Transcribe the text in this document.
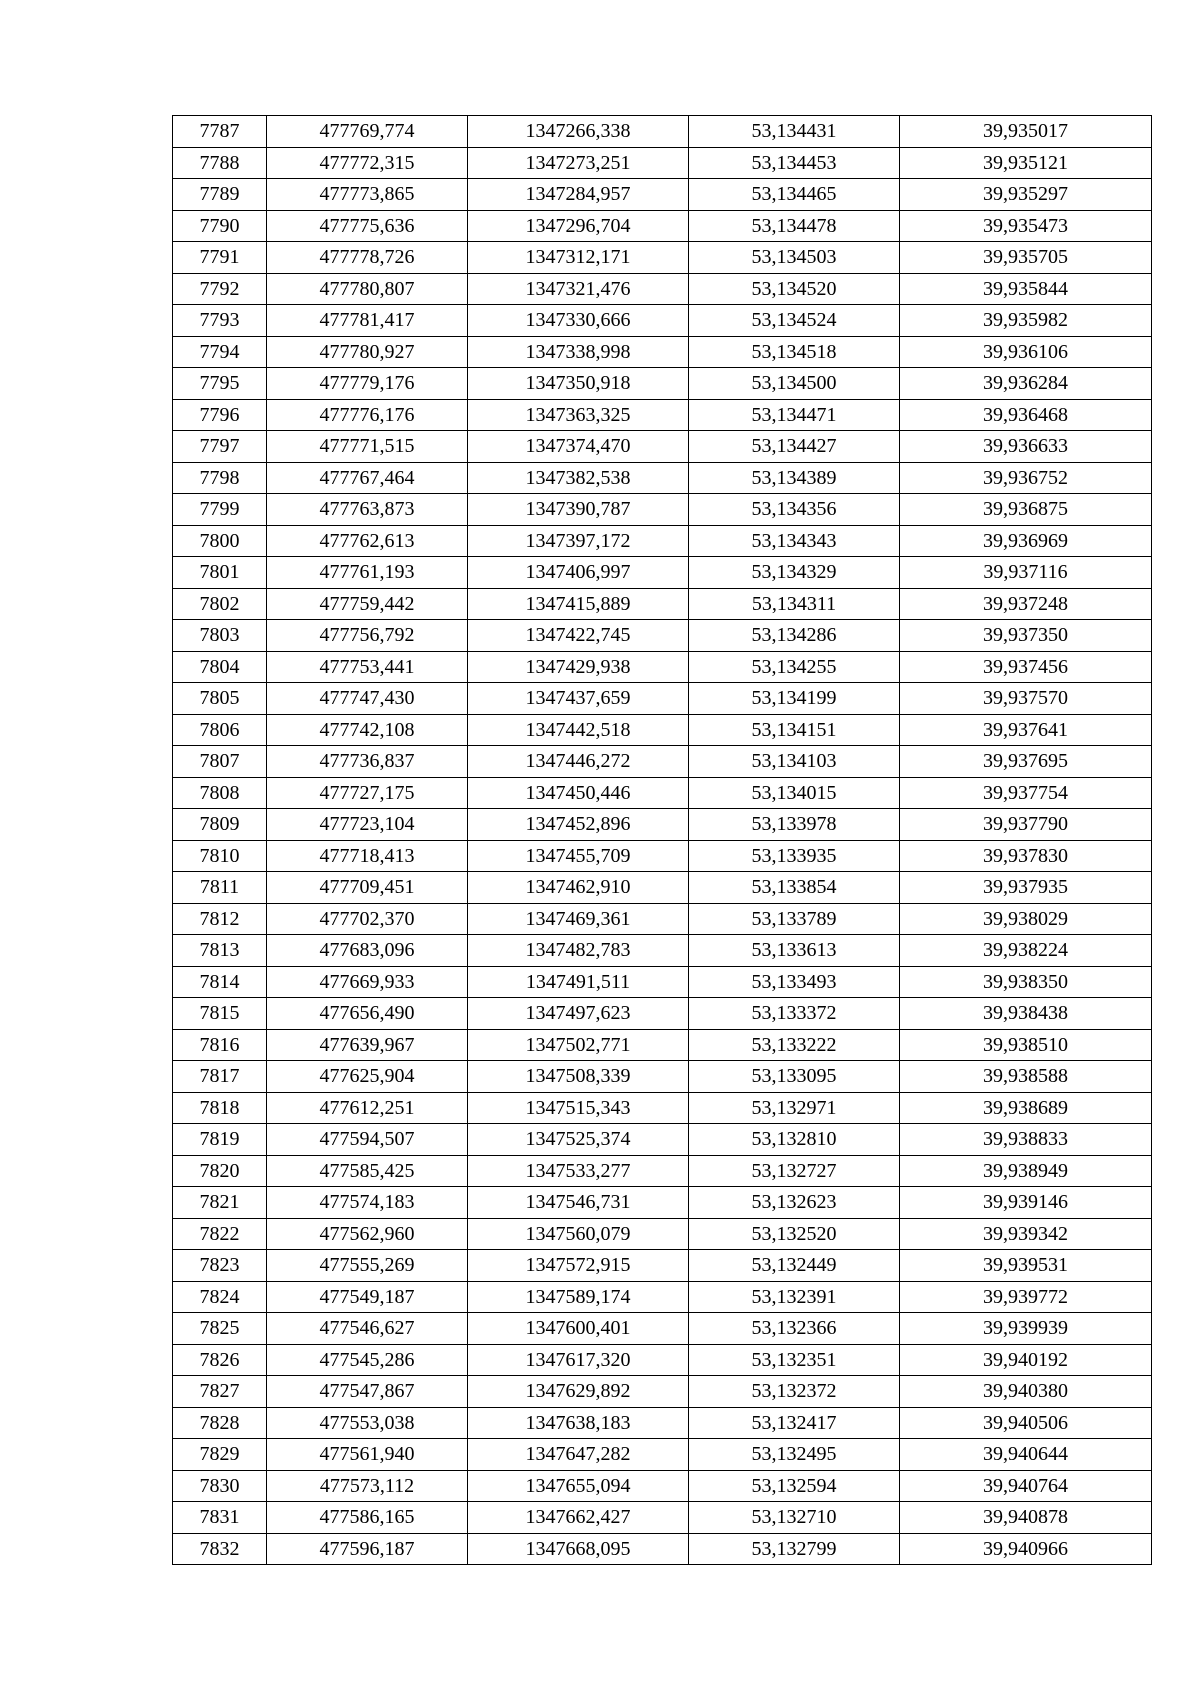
7787	477769,774	1347266,338	53,134431	39,935017
7788	477772,315	1347273,251	53,134453	39,935121
7789	477773,865	1347284,957	53,134465	39,935297
7790	477775,636	1347296,704	53,134478	39,935473
7791	477778,726	1347312,171	53,134503	39,935705
7792	477780,807	1347321,476	53,134520	39,935844
7793	477781,417	1347330,666	53,134524	39,935982
7794	477780,927	1347338,998	53,134518	39,936106
7795	477779,176	1347350,918	53,134500	39,936284
7796	477776,176	1347363,325	53,134471	39,936468
7797	477771,515	1347374,470	53,134427	39,936633
7798	477767,464	1347382,538	53,134389	39,936752
7799	477763,873	1347390,787	53,134356	39,936875
7800	477762,613	1347397,172	53,134343	39,936969
7801	477761,193	1347406,997	53,134329	39,937116
7802	477759,442	1347415,889	53,134311	39,937248
7803	477756,792	1347422,745	53,134286	39,937350
7804	477753,441	1347429,938	53,134255	39,937456
7805	477747,430	1347437,659	53,134199	39,937570
7806	477742,108	1347442,518	53,134151	39,937641
7807	477736,837	1347446,272	53,134103	39,937695
7808	477727,175	1347450,446	53,134015	39,937754
7809	477723,104	1347452,896	53,133978	39,937790
7810	477718,413	1347455,709	53,133935	39,937830
7811	477709,451	1347462,910	53,133854	39,937935
7812	477702,370	1347469,361	53,133789	39,938029
7813	477683,096	1347482,783	53,133613	39,938224
7814	477669,933	1347491,511	53,133493	39,938350
7815	477656,490	1347497,623	53,133372	39,938438
7816	477639,967	1347502,771	53,133222	39,938510
7817	477625,904	1347508,339	53,133095	39,938588
7818	477612,251	1347515,343	53,132971	39,938689
7819	477594,507	1347525,374	53,132810	39,938833
7820	477585,425	1347533,277	53,132727	39,938949
7821	477574,183	1347546,731	53,132623	39,939146
7822	477562,960	1347560,079	53,132520	39,939342
7823	477555,269	1347572,915	53,132449	39,939531
7824	477549,187	1347589,174	53,132391	39,939772
7825	477546,627	1347600,401	53,132366	39,939939
7826	477545,286	1347617,320	53,132351	39,940192
7827	477547,867	1347629,892	53,132372	39,940380
7828	477553,038	1347638,183	53,132417	39,940506
7829	477561,940	1347647,282	53,132495	39,940644
7830	477573,112	1347655,094	53,132594	39,940764
7831	477586,165	1347662,427	53,132710	39,940878
7832	477596,187	1347668,095	53,132799	39,940966
